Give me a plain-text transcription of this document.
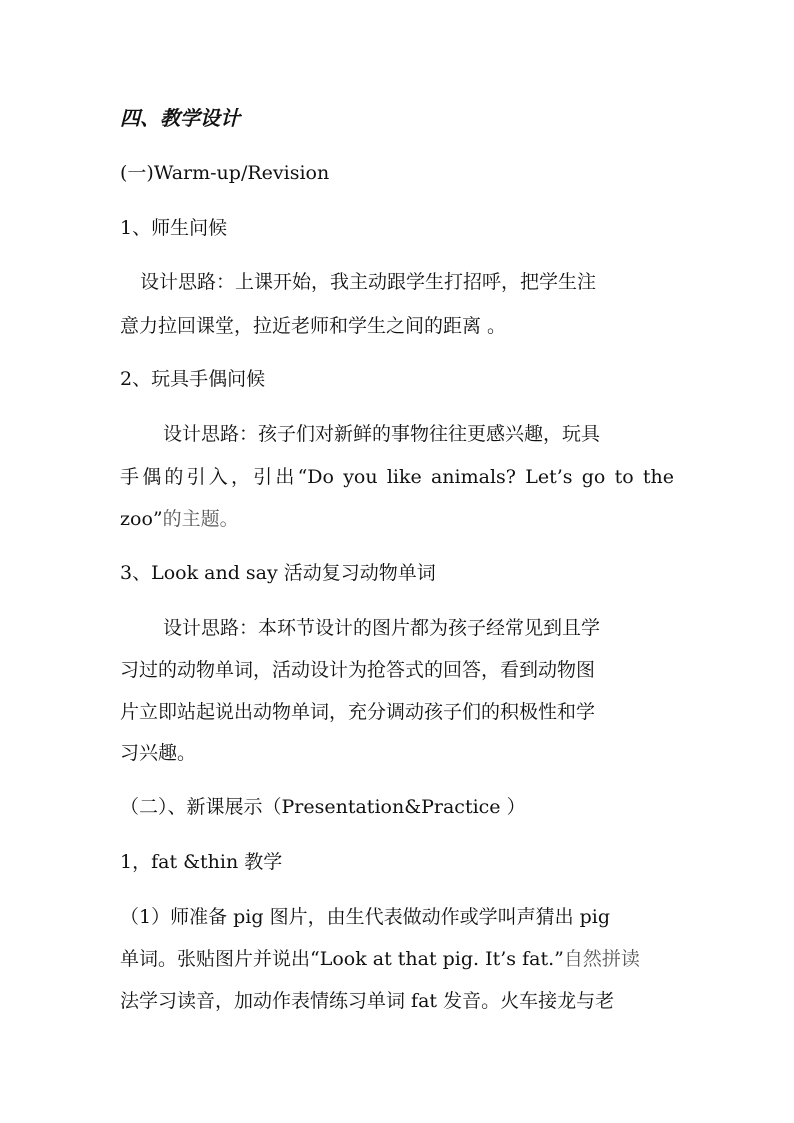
四、教学设计
(一)Warm-up/Revision
1、师生问候
设计思路：上课开始，我主动跟学生打招呼，把学生注
意力拉回课堂，拉近老师和学生之间的距离 。
2、玩具手偶问候
设计思路：孩子们对新鲜的事物往往更感兴趣，玩具
手偶的引入，引出“Do you like animals? Let’s go to the
zoo”的主题。
3、Look and say 活动复习动物单词
设计思路：本环节设计的图片都为孩子经常见到且学
习过的动物单词，活动设计为抢答式的回答，看到动物图
片立即站起说出动物单词，充分调动孩子们的积极性和学
习兴趣。
（二）、新课展示（Presentation&Practice ）
1，fat &thin 教学
（1）师准备 pig 图片，由生代表做动作或学叫声猜出 pig
单词。张贴图片并说出“Look at that pig. It’s fat.”自然拼读
法学习读音，加动作表情练习单词 fat 发音。火车接龙与老
